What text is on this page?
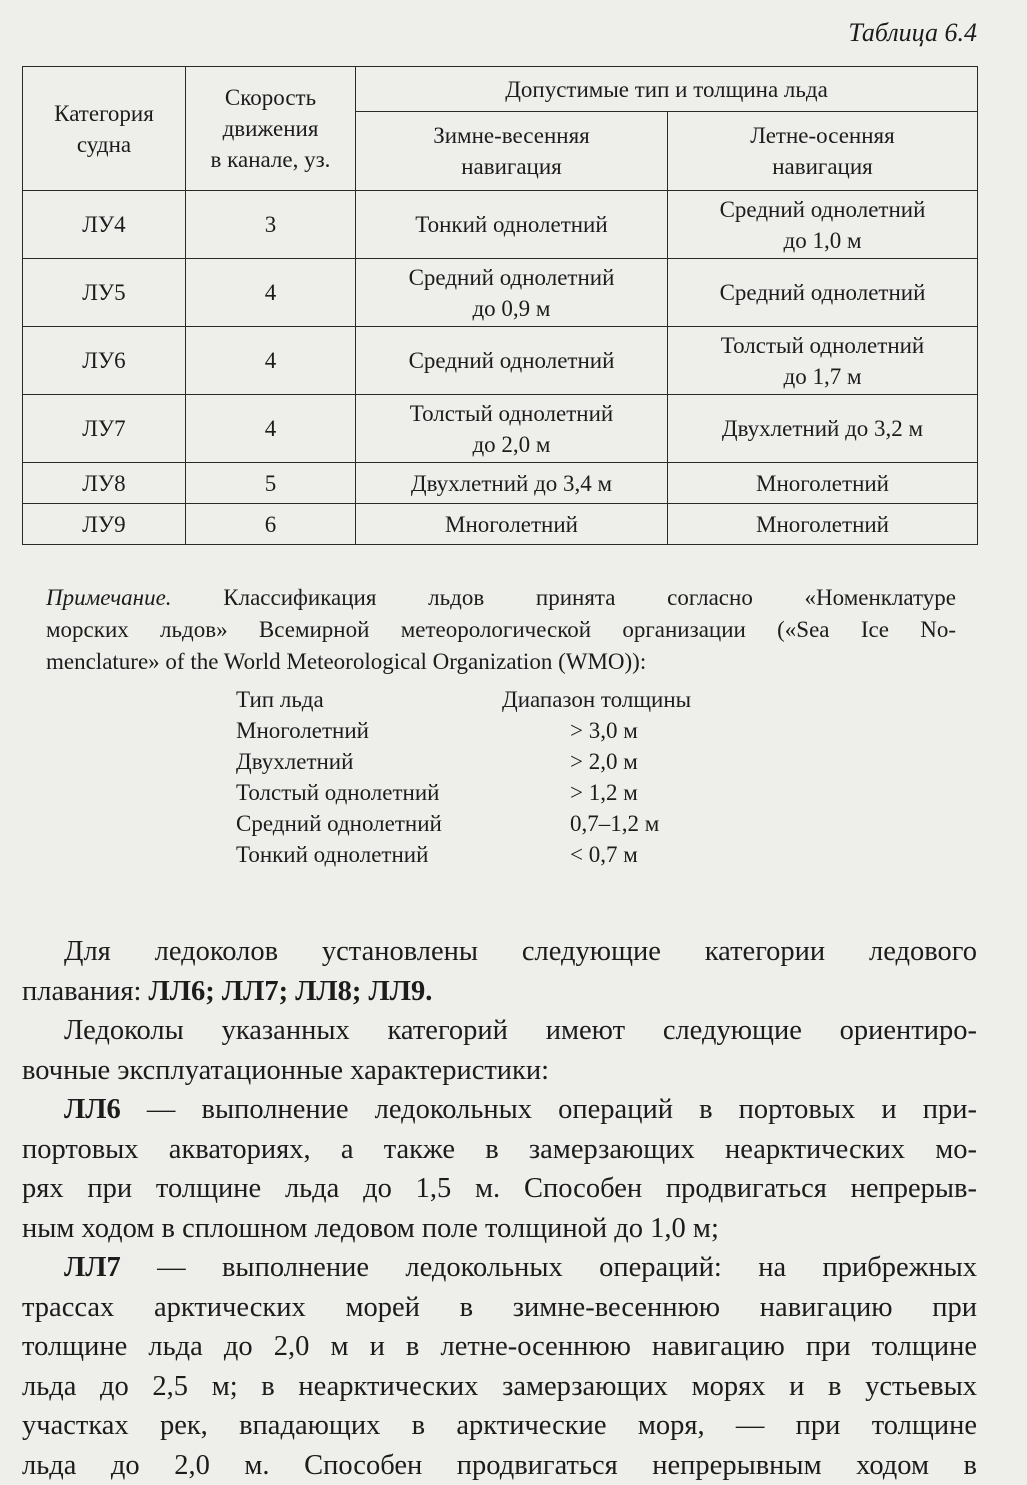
Таблица 6.4
Категория
судна	Скорость
движения
в канале, уз.	Допустимые тип и толщина льда	

		Зимне-весенняя
навигация	Летне-осенняя
навигация

ЛУ4	3	Тонкий однолетний	Средний однолетний
до 1,0 м

ЛУ5	4	Средний однолетний
до 0,9 м	Средний однолетний

ЛУ6	4	Средний однолетний	Толстый однолетний
до 1,7 м

ЛУ7	4	Толстый однолетний
до 2,0 м	Двухлетний до 3,2 м

ЛУ8	5	Двухлетний до 3,4 м	Многолетний

ЛУ9	6	Многолетний	Многолетний
Примечание. Классификация льдов принята согласно «Номенклатуре
морских льдов» Всемирной метеорологической организации («Sea Ice No-
menclature» of the World Meteorological Organization (WMO)):
Тип льда	Диапазон толщины
Многолетний	> 3,0 м
Двухлетний	> 2,0 м
Толстый однолетний	> 1,2 м
Средний однолетний	0,7–1,2 м
Тонкий однолетний	< 0,7 м
Для ледоколов установлены следующие категории ледового
плавания: ЛЛ6; ЛЛ7; ЛЛ8; ЛЛ9.
Ледоколы указанных категорий имеют следующие ориентиро-
вочные эксплуатационные характеристики:
ЛЛ6 — выполнение ледокольных операций в портовых и при-
портовых акваториях, а также в замерзающих неарктических мо-
рях при толщине льда до 1,5 м. Способен продвигаться непрерыв-
ным ходом в сплошном ледовом поле толщиной до 1,0 м;
ЛЛ7 — выполнение ледокольных операций: на прибрежных
трассах арктических морей в зимне-весеннюю навигацию при
толщине льда до 2,0 м и в летне-осеннюю навигацию при толщине
льда до 2,5 м; в неарктических замерзающих морях и в устьевых
участках рек, впадающих в арктические моря, — при толщине
льда до 2,0 м. Способен продвигаться непрерывным ходом в
